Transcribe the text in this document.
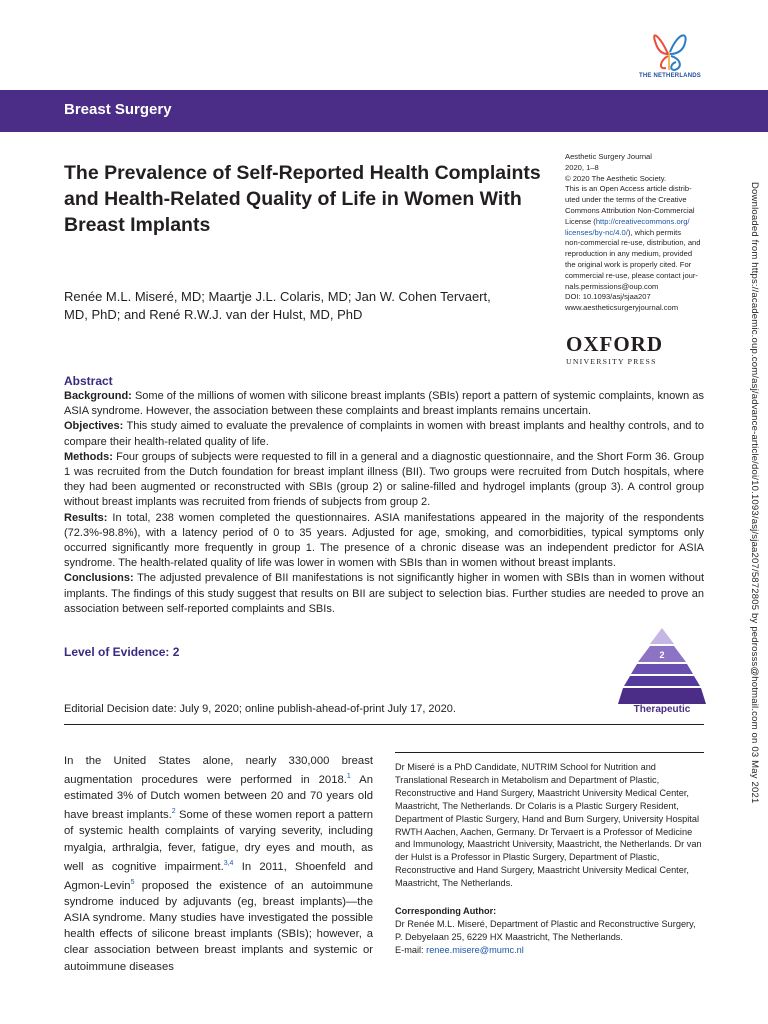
THE NETHERLANDS
Breast Surgery
The Prevalence of Self-Reported Health Complaints and Health-Related Quality of Life in Women With Breast Implants
Renée M.L. Miseré, MD; Maartje J.L. Colaris, MD; Jan W. Cohen Tervaert,
MD, PhD; and René R.W.J. van der Hulst, MD, PhD
Aesthetic Surgery Journal
2020, 1–8
© 2020 The Aesthetic Society.
This is an Open Access article distrib-
uted under the terms of the Creative
Commons Attribution Non-Commercial
License (http://creativecommons.org/
licenses/by-nc/4.0/), which permits
non-commercial re-use, distribution, and
reproduction in any medium, provided
the original work is properly cited. For
commercial re-use, please contact jour-
nals.permissions@oup.com
DOI: 10.1093/asj/sjaa207
www.aestheticsurgeryjournal.com
OXFORD
UNIVERSITY PRESS	Downloaded from https://academic.oup.com/asj/advance-article/doi/10.1093/asj/sjaa207/5872805 by pedrosss@hotmail.com on 03 May 2021
Abstract

Background: Some of the millions of women with silicone breast implants (SBIs) report a pattern of systemic complaints, known as ASIA syndrome. However, the association between these complaints and breast implants remains uncertain.

Objectives: This study aimed to evaluate the prevalence of complaints in women with breast implants and healthy controls, and to compare their health-related quality of life.

Methods: Four groups of subjects were requested to fill in a general and a diagnostic questionnaire, and the Short Form 36. Group 1 was recruited from the Dutch foundation for breast implant illness (BII). Two groups were recruited from Dutch hospitals, where they had been augmented or reconstructed with SBIs (group 2) or saline-filled and hydrogel implants (group 3). A control group without breast implants was recruited from friends of subjects from group 2.

Results: In total, 238 women completed the questionnaires. ASIA manifestations appeared in the majority of the respondents (72.3%-98.8%), with a latency period of 0 to 35 years. Adjusted for age, smoking, and comorbidities, typical symptoms only occurred significantly more frequently in group 1. The presence of a chronic disease was an independent predictor for ASIA syndrome. The health-related quality of life was lower in women with SBIs than in women without breast implants.

Conclusions: The adjusted prevalence of BII manifestations is not significantly higher in women with SBIs than in women without implants. The findings of this study suggest that results on BII are subject to selection bias. Further studies are needed to prove an association between self-reported complaints and SBIs.

Level of Evidence: 2	2
Therapeutic
Editorial Decision date: July 9, 2020; online publish-ahead-of-print July 17, 2020.
In the United States alone, nearly 330,000 breast augmentation procedures were performed in 2018.$^1$ An estimated 3% of Dutch women between 20 and 70 years old have breast implants.$^2$ Some of these women report a pattern of systemic health complaints of varying severity, including myalgia, arthralgia, fever, fatigue, dry eyes and mouth, as well as cognitive impairment.$^{3,4}$ In 2011, Shoenfeld and Agmon-Levin$^5$ proposed the existence of an autoimmune syndrome induced by adjuvants (eg, breast implants)—the ASIA syndrome. Many studies have investigated the possible health effects of silicone breast implants (SBIs); however, a clear association between breast implants and systemic or autoimmune diseases
Dr Miseré is a PhD Candidate, NUTRIM School for Nutrition and Translational Research in Metabolism and Department of Plastic, Reconstructive and Hand Surgery, Maastricht University Medical Center, Maastricht, The Netherlands. Dr Colaris is a Plastic Surgery Resident, Department of Plastic Surgery, Hand and Burn Surgery, University Hospital RWTH Aachen, Aachen, Germany. Dr Tervaert is a Professor of Medicine and Immunology, Maastricht University, Maastricht, the Netherlands. Dr van der Hulst is a Professor in Plastic Surgery, Department of Plastic, Reconstructive and Hand Surgery, Maastricht University Medical Center, Maastricht, The Netherlands.
Corresponding Author:
Dr Renée M.L. Miseré, Department of Plastic and Reconstructive Surgery, P. Debyelaan 25, 6229 HX Maastricht, The Netherlands.
E-mail: renee.misere@mumc.nl
